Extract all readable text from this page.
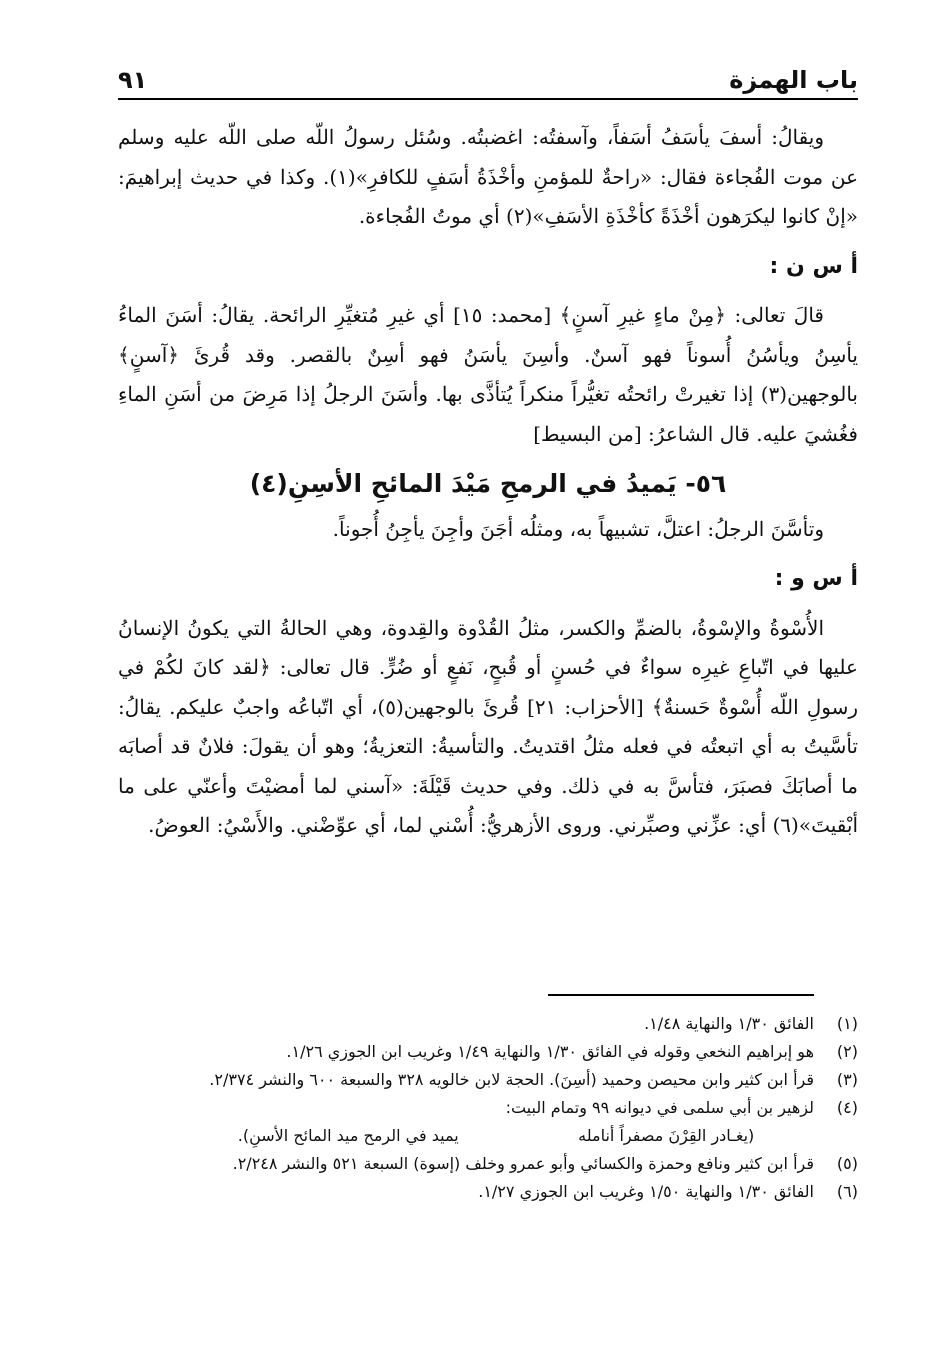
باب الهمزة
٩١

ويقالُ: أسفَ يأسَفُ أسَفاً، وآسفتُه: اغضبتُه. وسُئل رسولُ اللّه صلى اللّه عليه وسلم عن موت الفُجاءة فقال: «راحةٌ للمؤمنِ وأخْذَةُ أسَفٍ للكافرِ»(١). وكذا في حديث إبراهيمَ: «إنْ كانوا ليكرَهون أخْذَةً كأخْذَةِ الأسَفِ»(٢) أي موتُ الفُجاءة.

أ س ن :

قالَ تعالى: ﴿مِنْ ماءٍ غيرِ آسنٍ﴾ [محمد: ١٥] أي غيرِ مُتغيِّرِ الرائحة. يقالُ: أسَنَ الماءُ يأسِنُ ويأسُنُ أُسوناً فهو آسنٌ. وأسِنَ يأسَنُ فهو أسِنٌ بالقصر. وقد قُرئَ ﴿آسنٍ﴾ بالوجهين(٣) إذا تغيرتْ رائحتُه تغيُّراً منكراً يُتأذَّى بها. وأسَنَ الرجلُ إذا مَرِضَ من أسَنِ الماءِ فغُشيَ عليه. قال الشاعرُ: [من البسيط]

٥٦- يَميدُ في الرمحِ مَيْدَ المائحِ الأسِنِ(٤)

وتأسَّنَ الرجلُ: اعتلَّ، تشبيهاً به، ومثلُه أجَنَ وأجِنَ يأجِنُ أُجوناً.

أ س و :

الأُسْوةُ والإسْوةُ، بالضمِّ والكسر، مثلُ القُدْوة والقِدوة، وهي الحالةُ التي يكونُ الإنسانُ عليها في اتّباعِ غيرِه سواءٌ في حُسنٍ أو قُبحٍ، نَفعٍ أو ضُرٍّ. قال تعالى: ﴿لقد كانَ لكُمْ في رسولِ اللّه أُسْوةٌ حَسنةٌ﴾ [الأحزاب: ٢١] قُرئَ بالوجهين(٥)، أي اتّباعُه واجبٌ عليكم. يقالُ: تأسَّيتُ به أي اتبعتُه في فعله مثلُ اقتديتُ. والتأسيةُ: التعزيةُ؛ وهو أن يقولَ: فلانٌ قد أصابَه ما أصابَكَ فصبَرَ، فتأسَّ به في ذلك. وفي حديث قَيْلَةَ: «آسني لما أمضيْتَ وأعنّي على ما أبْقيتَ»(٦) أي: عزِّني وصبِّرني. وروى الأزهريُّ: أُسْني لما، أي عوِّضْني. والأَسْيُ: العوضُ.

(١)
الفائق ١/٣٠ والنهاية ١/٤٨.
(٢)
هو إبراهيم النخعي وقوله في الفائق ١/٣٠ والنهاية ١/٤٩ وغريب ابن الجوزي ١/٢٦.
(٣)
قرأ ابن كثير وابن محيصن وحميد (أسِنَ). الحجة لابن خالويه ٣٢٨ والسبعة ٦٠٠ والنشر ٢/٣٧٤.
(٤)
لزهير بن أبي سلمى في ديوانه ٩٩ وتمام البيت:
(يغـادر القِرْنَ مصفراً أنامله
يميد في الرمح ميد المائح الأسنِ).
(٥)
قرأ ابن كثير ونافع وحمزة والكسائي وأبو عمرو وخلف (إسوة) السبعة ٥٢١ والنشر ٢/٢٤٨.
(٦)
الفائق ١/٣٠ والنهاية ١/٥٠ وغريب ابن الجوزي ١/٢٧.
